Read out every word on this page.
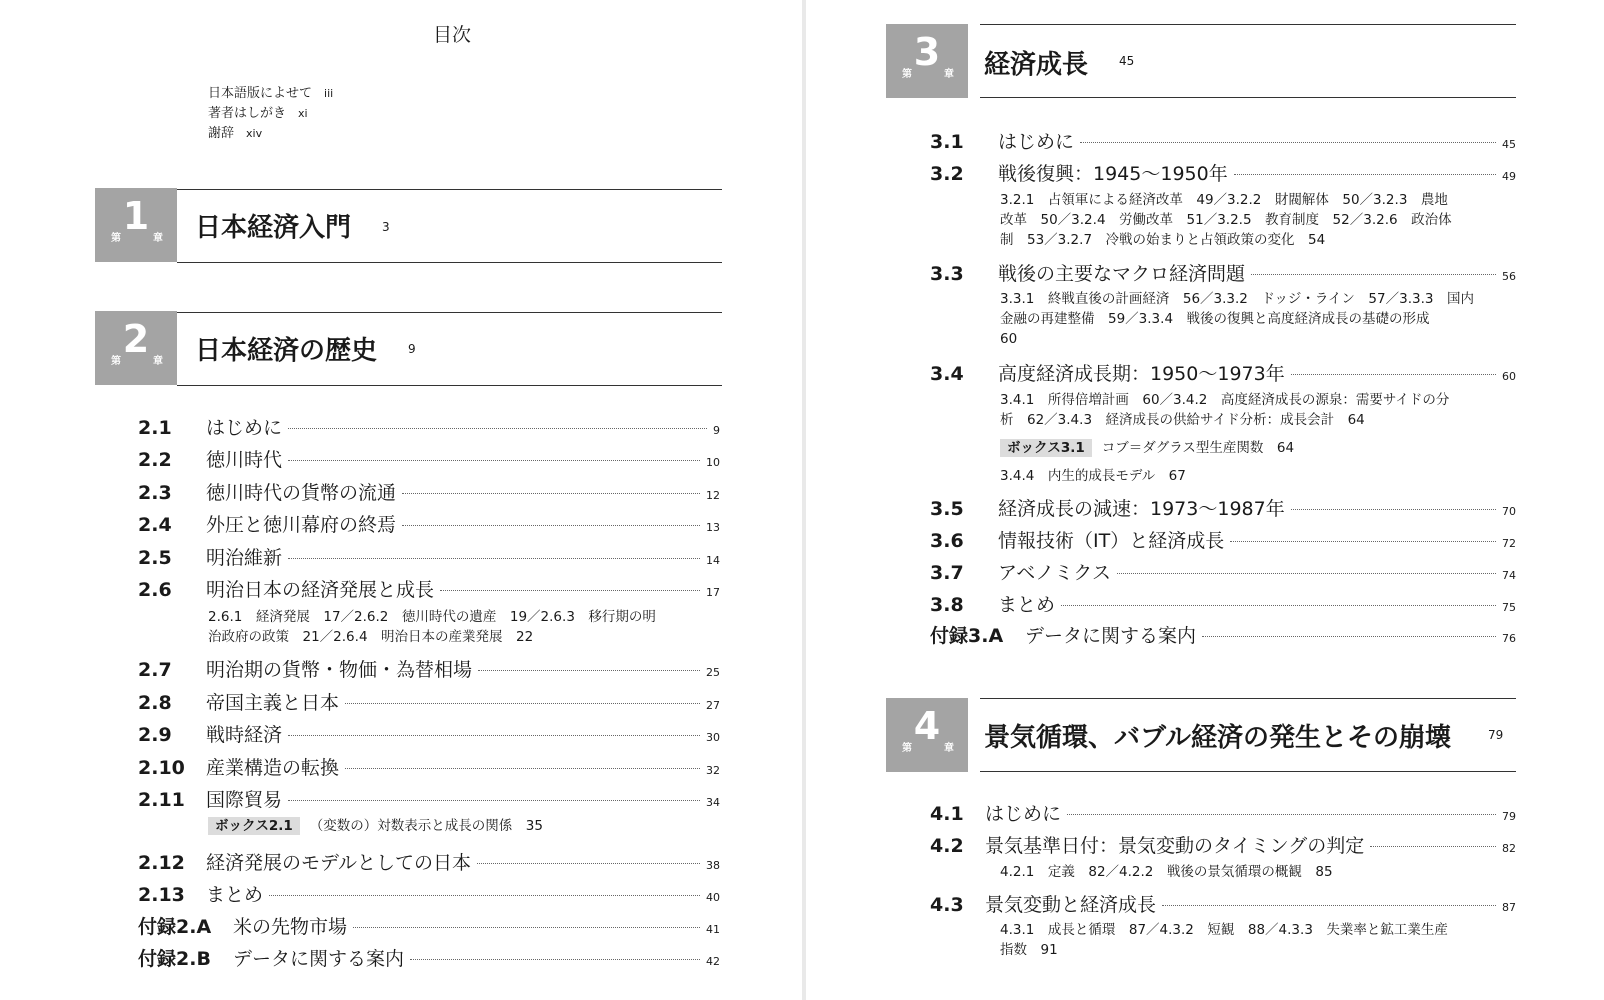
目次
日本語版によせて iii
著者はしがき xi
謝辞 xiv
第
1
章 日本経済入門	3
第
2
章 日本経済の歴史	9
2.1	はじめに	9
2.2	徳川時代	10
2.3	徳川時代の貨幣の流通	12
2.4	外圧と徳川幕府の終焉	13
2.5	明治維新	14
2.6	明治日本の経済発展と成長	17
2.6.1　経済発展　17／2.6.2　徳川時代の遺産　19／2.6.3　移行期の明
治政府の政策　21／2.6.4　明治日本の産業発展　22
2.7	明治期の貨幣・物価・為替相場	25
2.8	帝国主義と日本	27
2.9	戦時経済	30
2.10	産業構造の転換	32
2.11	国際貿易	34
ボックス2.1 （変数の）対数表示と成長の関係　35
2.12	経済発展のモデルとしての日本	38
2.13	まとめ	40
付録2.A	米の先物市場	41
付録2.B	データに関する案内	42
第
3
章 経済成長	45
3.1	はじめに	45
3.2	戦後復興：1945～1950年	49
3.2.1　占領軍による経済改革　49／3.2.2　財閥解体　50／3.2.3　農地
改革　50／3.2.4　労働改革　51／3.2.5　教育制度　52／3.2.6　政治体
制　53／3.2.7　冷戦の始まりと占領政策の変化　54
3.3	戦後の主要なマクロ経済問題	56
3.3.1　終戦直後の計画経済　56／3.3.2　ドッジ・ライン　57／3.3.3　国内
金融の再建整備　59／3.3.4　戦後の復興と高度経済成長の基礎の形成
60
3.4	高度経済成長期：1950～1973年	60
3.4.1　所得倍増計画　60／3.4.2　高度経済成長の源泉：需要サイドの分
析　62／3.4.3　経済成長の供給サイド分析：成長会計　64
ボックス3.1 コブ＝ダグラス型生産関数　64
3.4.4　内生的成長モデル　67
3.5	経済成長の減速：1973～1987年	70
3.6	情報技術（IT）と経済成長	72
3.7	アベノミクス	74
3.8	まとめ	75
付録3.A	データに関する案内	76
第
4
章 景気循環、バブル経済の発生とその崩壊	79
4.1	はじめに	79
4.2	景気基準日付：景気変動のタイミングの判定	82
4.2.1　定義　82／4.2.2　戦後の景気循環の概観　85
4.3	景気変動と経済成長	87
4.3.1　成長と循環　87／4.3.2　短観　88／4.3.3　失業率と鉱工業生産
指数　91
